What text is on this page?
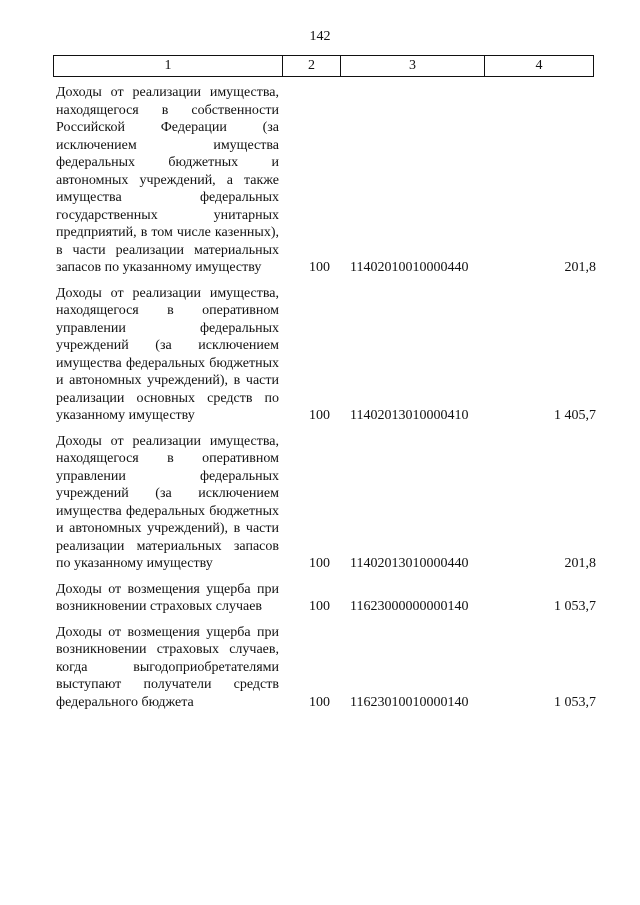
142
1	2	3	4
Доходы от реализации имущества, находящегося в собственности Российской Федерации (за исключением имущества федеральных бюджетных и автономных учреждений, а также имущества федеральных государственных унитарных предприятий, в том числе казенных), в части реализации материальных запасов по указанному имуществу	100 11402010010000440	201,8
Доходы от реализации имущества, находящегося в оперативном управлении федеральных учреждений (за исключением имущества федеральных бюджетных и автономных учреждений), в части реализации основных средств по указанному имуществу	100 11402013010000410	1 405,7
Доходы от реализации имущества, находящегося в оперативном управлении федеральных учреждений (за исключением имущества федеральных бюджетных и автономных учреждений), в части реализации материальных запасов по указанному имуществу	100 11402013010000440	201,8
Доходы от возмещения ущерба при возникновении страховых случаев	100 11623000000000140	1 053,7
Доходы от возмещения ущерба при возникновении страховых случаев, когда выгодоприобретателями выступают получатели средств федерального бюджета	100 11623010010000140	1 053,7
